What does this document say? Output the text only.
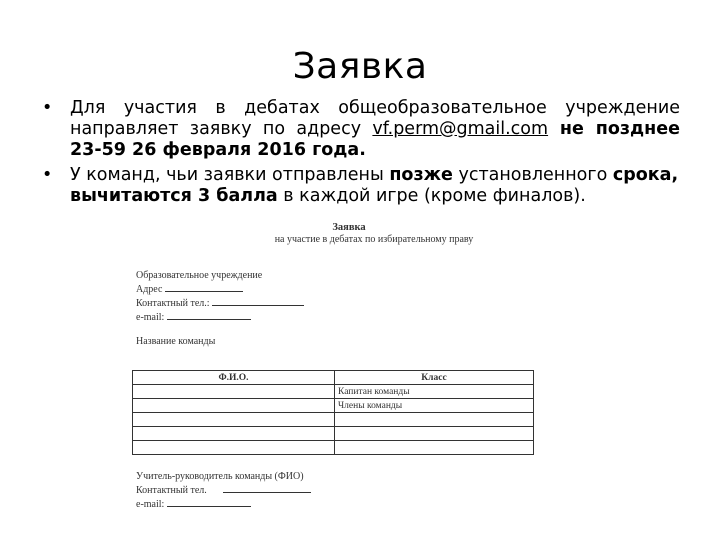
Заявка
• Для участия в дебатах общеобразовательное учреждение направляет заявку по адресу vf.perm@gmail.com не позднее 23-59 26 февраля 2016 года.
• У команд, чьи заявки отправлены позже установленного срока, вычитаются 3 балла в каждой игре (кроме финалов).
Заявка
на участие в дебатах по избирательному праву
Образовательное учреждение
Адрес
Контактный тел.:
e-mail:
Название команды
Ф.И.О.	Класс
	Капитан команды
	Члены команды

Учитель-руководитель команды (ФИО)
Контактный тел.
e-mail:
